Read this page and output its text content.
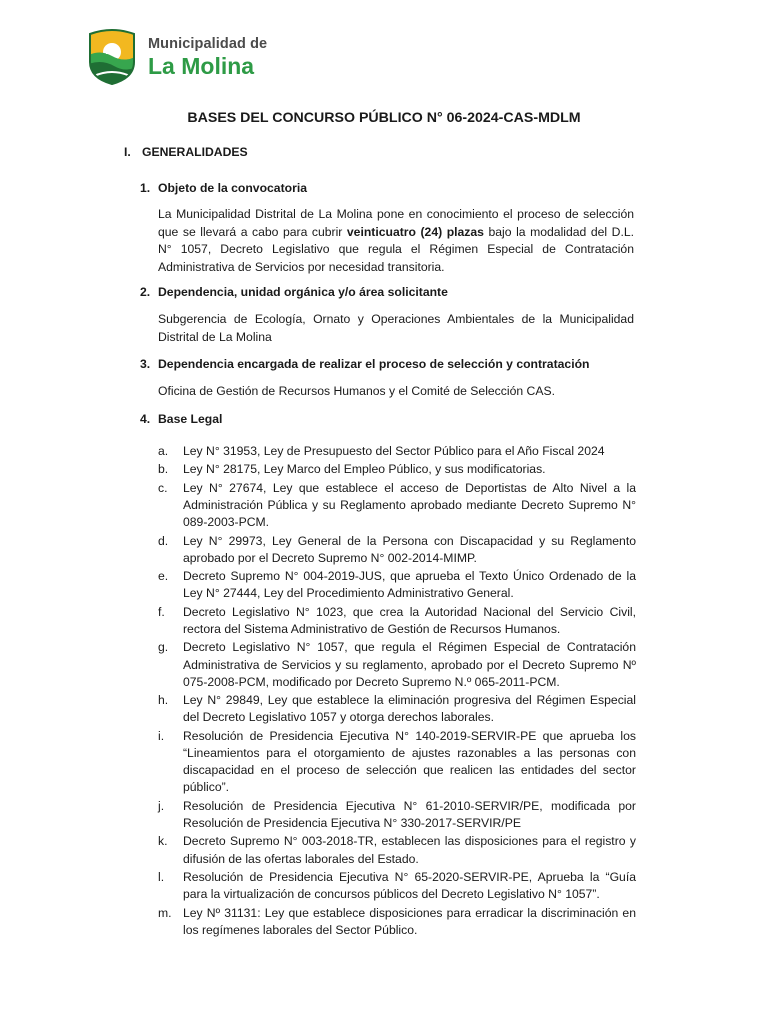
Municipalidad de
La Molina
BASES DEL CONCURSO PÚBLICO N° 06-2024-CAS-MDLM
I. GENERALIDADES
1. Objeto de la convocatoria
La Municipalidad Distrital de La Molina pone en conocimiento el proceso de selección que se llevará a cabo para cubrir veinticuatro (24) plazas bajo la modalidad del D.L. N° 1057, Decreto Legislativo que regula el Régimen Especial de Contratación Administrativa de Servicios por necesidad transitoria.
2. Dependencia, unidad orgánica y/o área solicitante
Subgerencia de Ecología, Ornato y Operaciones Ambientales de la Municipalidad Distrital de La Molina
3. Dependencia encargada de realizar el proceso de selección y contratación
Oficina de Gestión de Recursos Humanos y el Comité de Selección CAS.
4. Base Legal
a.	Ley N° 31953, Ley de Presupuesto del Sector Público para el Año Fiscal 2024
b.	Ley N° 28175, Ley Marco del Empleo Público, y sus modificatorias.
c.	Ley N° 27674, Ley que establece el acceso de Deportistas de Alto Nivel a la Administración Pública y su Reglamento aprobado mediante Decreto Supremo N° 089-2003-PCM.
d.	Ley N° 29973, Ley General de la Persona con Discapacidad y su Reglamento aprobado por el Decreto Supremo N° 002-2014-MIMP.
e.	Decreto Supremo N° 004-2019-JUS, que aprueba el Texto Único Ordenado de la Ley N° 27444, Ley del Procedimiento Administrativo General.
f.	Decreto Legislativo N° 1023, que crea la Autoridad Nacional del Servicio Civil, rectora del Sistema Administrativo de Gestión de Recursos Humanos.
g.	Decreto Legislativo N° 1057, que regula el Régimen Especial de Contratación Administrativa de Servicios y su reglamento, aprobado por el Decreto Supremo Nº 075-2008-PCM, modificado por Decreto Supremo N.º 065-2011-PCM.
h.	Ley N° 29849, Ley que establece la eliminación progresiva del Régimen Especial del Decreto Legislativo 1057 y otorga derechos laborales.
i.	Resolución de Presidencia Ejecutiva N° 140-2019-SERVIR-PE que aprueba los “Lineamientos para el otorgamiento de ajustes razonables a las personas con discapacidad en el proceso de selección que realicen las entidades del sector público”.
j.	Resolución de Presidencia Ejecutiva N° 61-2010-SERVIR/PE, modificada por Resolución de Presidencia Ejecutiva N° 330-2017-SERVIR/PE
k.	Decreto Supremo N° 003-2018-TR, establecen las disposiciones para el registro y difusión de las ofertas laborales del Estado.
l.	Resolución de Presidencia Ejecutiva N° 65-2020-SERVIR-PE, Aprueba la “Guía para la virtualización de concursos públicos del Decreto Legislativo N° 1057”.
m. Ley Nº 31131: Ley que establece disposiciones para erradicar la discriminación en los regímenes laborales del Sector Público.
